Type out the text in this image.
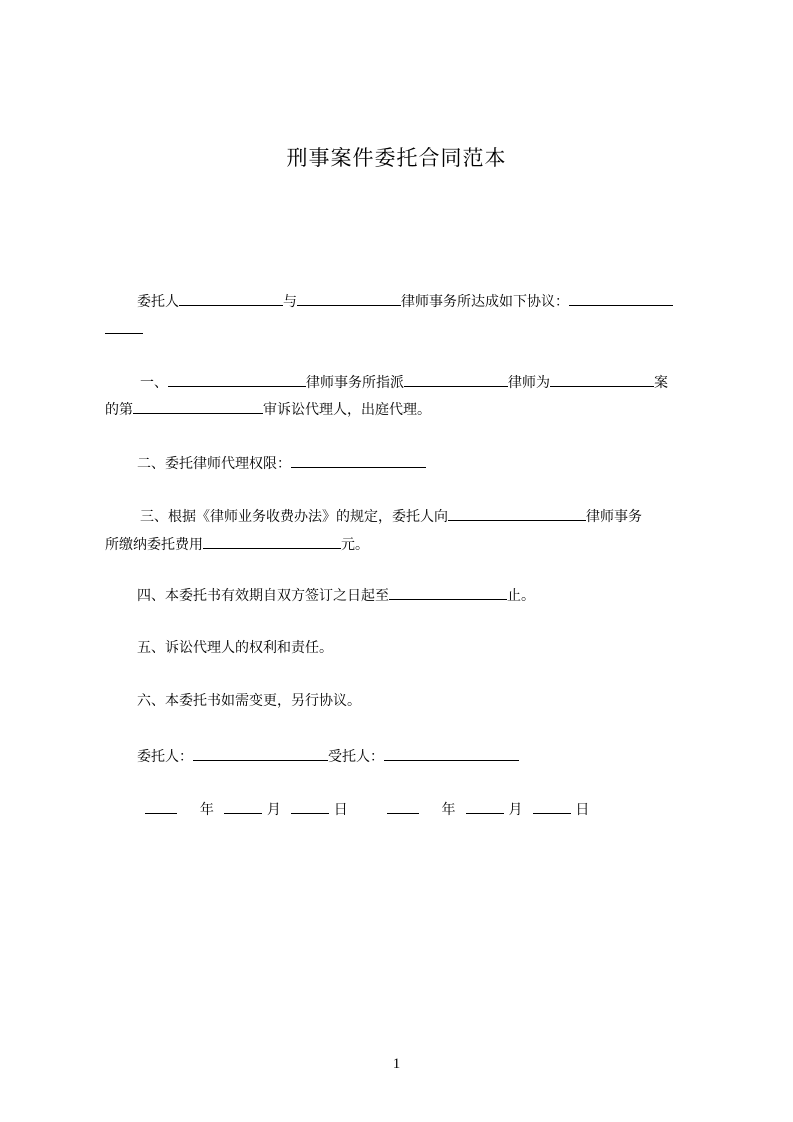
刑事案件委托合同范本
委托人	与	律师事务所达成如下协议：
一、	律师事务所指派	律师为	案
的第	审诉讼代理人，出庭代理。
二、委托律师代理权限：
三、根据《律师业务收费办法》的规定，委托人向	律师事务
所缴纳委托费用	元。
四、本委托书有效期自双方签订之日起至	止。
五、诉讼代理人的权利和责任。
六、本委托书如需变更，另行协议。
委托人：	受托人：
年	月	日	年	月	日
1
